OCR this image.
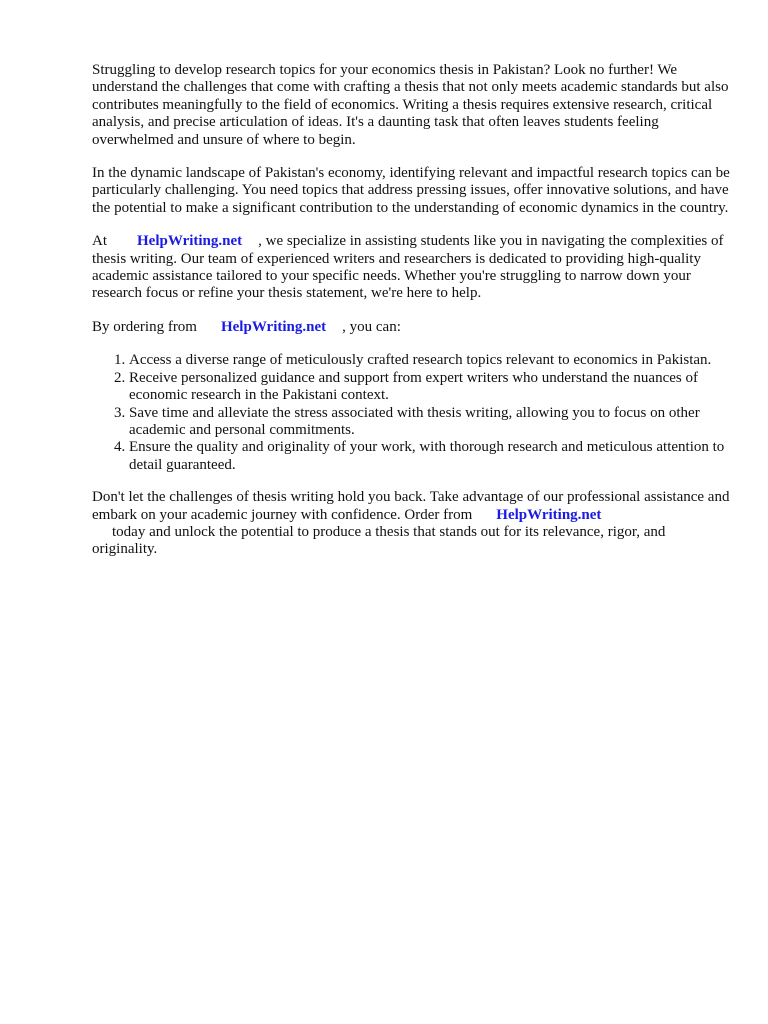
Struggling to develop research topics for your economics thesis in Pakistan? Look no further! We understand the challenges that come with crafting a thesis that not only meets academic standards but also contributes meaningfully to the field of economics. Writing a thesis requires extensive research, critical analysis, and precise articulation of ideas. It's a daunting task that often leaves students feeling overwhelmed and unsure of where to begin.

In the dynamic landscape of Pakistan's economy, identifying relevant and impactful research topics can be particularly challenging. You need topics that address pressing issues, offer innovative solutions, and have the potential to make a significant contribution to the understanding of economic dynamics in the country.

At HelpWriting.net , we specialize in assisting students like you in navigating the complexities of thesis writing. Our team of experienced writers and researchers is dedicated to providing high-quality academic assistance tailored to your specific needs. Whether you're struggling to narrow down your research focus or refine your thesis statement, we're here to help.

By ordering from HelpWriting.net , you can:

1. Access a diverse range of meticulously crafted research topics relevant to economics in Pakistan.
2. Receive personalized guidance and support from expert writers who understand the nuances of economic research in the Pakistani context.
3. Save time and alleviate the stress associated with thesis writing, allowing you to focus on other academic and personal commitments.
4. Ensure the quality and originality of your work, with thorough research and meticulous attention to detail guaranteed.

Don't let the challenges of thesis writing hold you back. Take advantage of our professional assistance and embark on your academic journey with confidence. Order from HelpWriting.net
today and unlock the potential to produce a thesis that stands out for its relevance, rigor, and originality.
